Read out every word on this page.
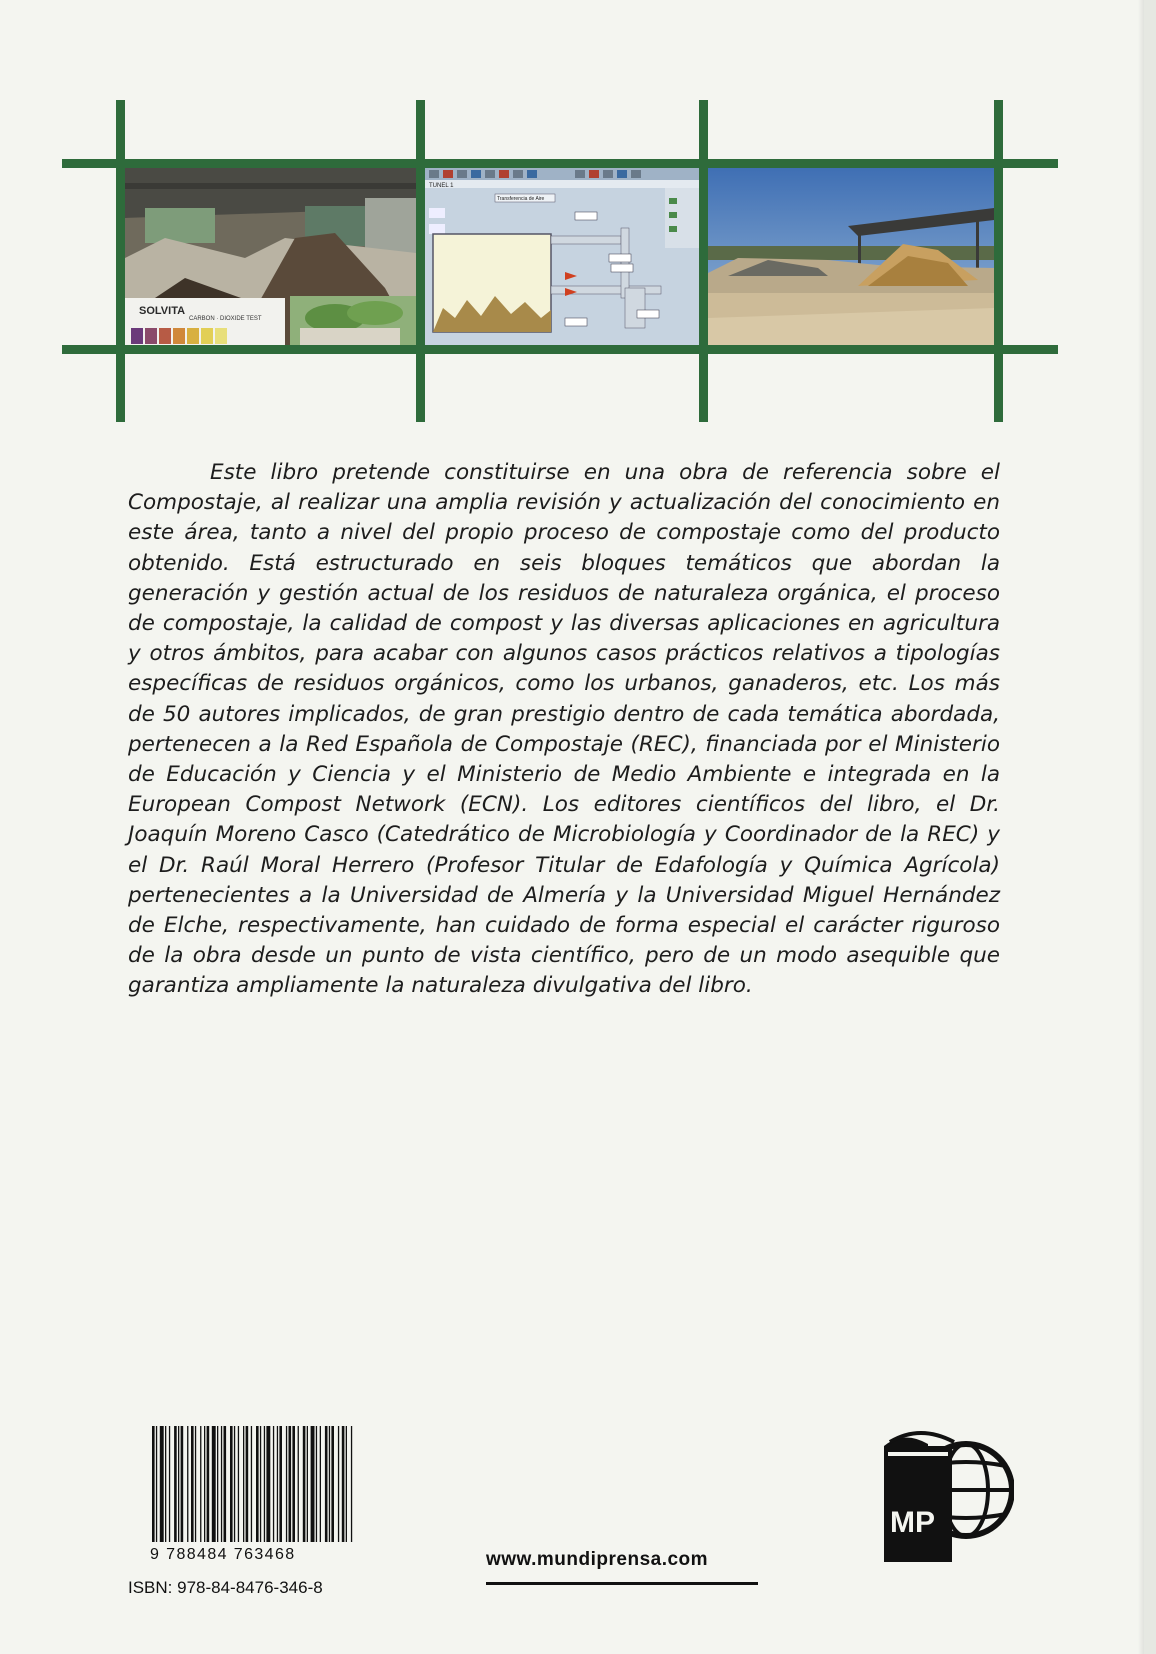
SOLVITA
CARBON · DIOXIDE TEST
TUNEL 1
Transferencia de Aire

Este libro pretende constituirse en una obra de referencia sobre el Compostaje, al realizar una amplia revisión y actualización del conocimiento en este área, tanto a nivel del propio proceso de compostaje como del producto obtenido. Está estructurado en seis bloques temáticos que abordan la generación y gestión actual de los residuos de naturaleza orgánica, el proceso de compostaje, la calidad de compost y las diversas aplicaciones en agricultura y otros ámbitos, para acabar con algunos casos prácticos relativos a tipologías específicas de residuos orgánicos, como los urbanos, ganaderos, etc. Los más de 50 autores implicados, de gran prestigio dentro de cada temática abordada, pertenecen a la Red Española de Compostaje (REC), financiada por el Ministerio de Educación y Ciencia y el Ministerio de Medio Ambiente e integrada en la European Compost Network (ECN). Los editores científicos del libro, el Dr. Joaquín Moreno Casco (Catedrático de Microbiología y Coordinador de la REC) y el Dr. Raúl Moral Herrero (Profesor Titular de Edafología y Química Agrícola) pertenecientes a la Universidad de Almería y la Universidad Miguel Hernández de Elche, respectivamente, han cuidado de forma especial el carácter riguroso de la obra desde un punto de vista científico, pero de un modo asequible que garantiza ampliamente la naturaleza divulgativa del libro.

9 788484 763468
ISBN: 978-84-8476-346-8
www.mundiprensa.com
MP
